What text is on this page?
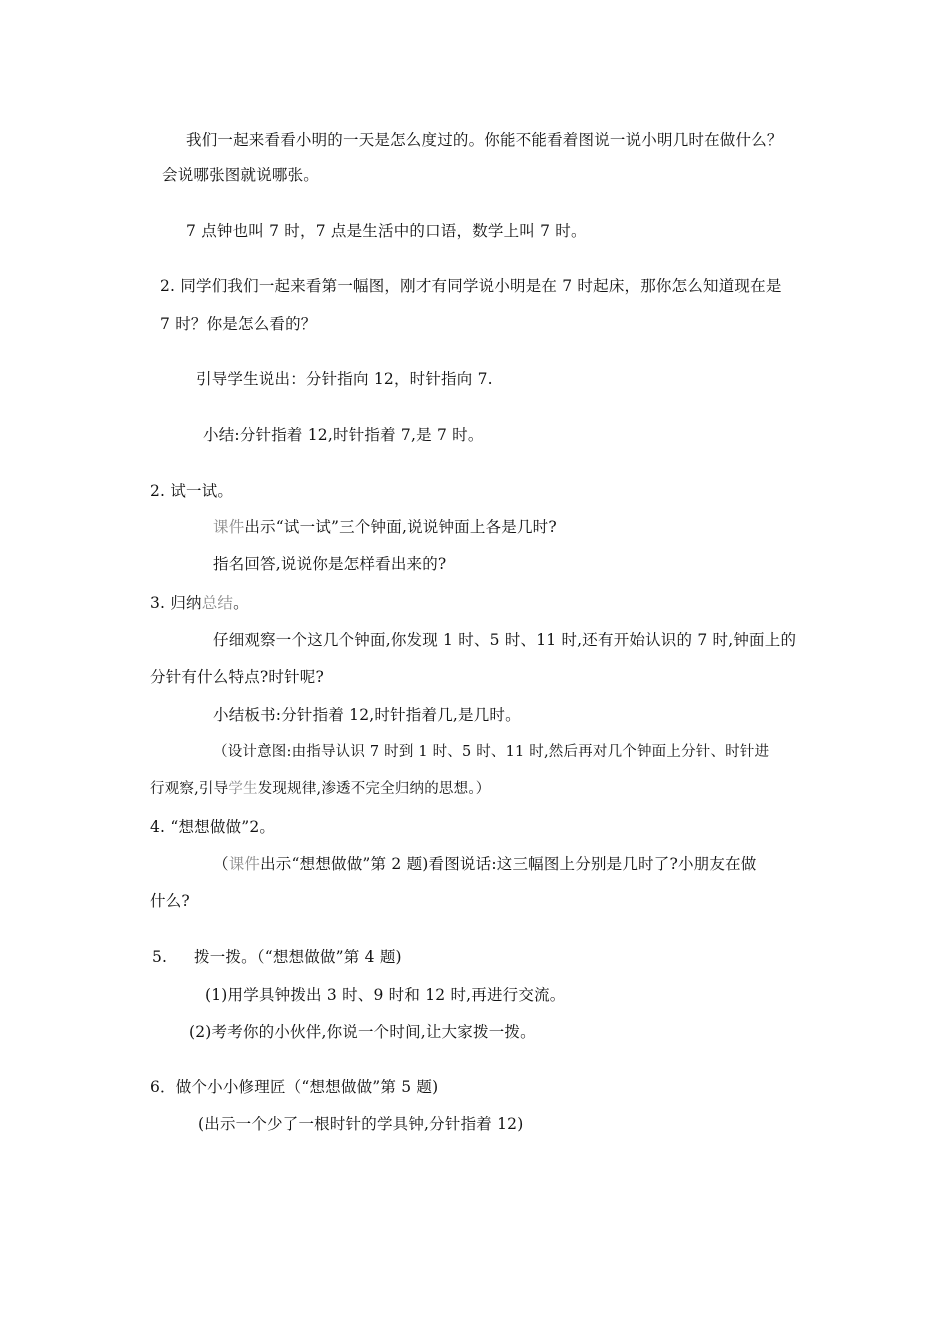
我们一起来看看小明的一天是怎么度过的。你能不能看着图说一说小明几时在做什么？
会说哪张图就说哪张。
7 点钟也叫 7 时，7 点是生活中的口语，数学上叫 7 时。
2. 同学们我们一起来看第一幅图，刚才有同学说小明是在 7 时起床，那你怎么知道现在是
7 时？你是怎么看的？
引导学生说出：分针指向 12，时针指向 7.
小结:分针指着 12,时针指着 7,是 7 时。
2. 试一试。
课件出示“试一试”三个钟面,说说钟面上各是几时?
指名回答,说说你是怎样看出来的?
3. 归纳总结。
仔细观察一个这几个钟面,你发现 1 时、5 时、11 时,还有开始认识的 7 时,钟面上的
分针有什么特点?时针呢?
小结板书:分针指着 12,时针指着几,是几时。
（设计意图:由指导认识 7 时到 1 时、5 时、11 时,然后再对几个钟面上分针、时针进
行观察,引导学生发现规律,渗透不完全归纳的思想。）
4. “想想做做”2。
（课件出示“想想做做”第 2 题)看图说话:这三幅图上分别是几时了?小朋友在做
什么?
5. 拨一拨。（“想想做做”第 4 题)
(1)用学具钟拨出 3 时、9 时和 12 时,再进行交流。
(2)考考你的小伙伴,你说一个时间,让大家拨一拨。
6．做个小小修理匠（“想想做做”第 5 题)
(出示一个少了一根时针的学具钟,分针指着 12)
